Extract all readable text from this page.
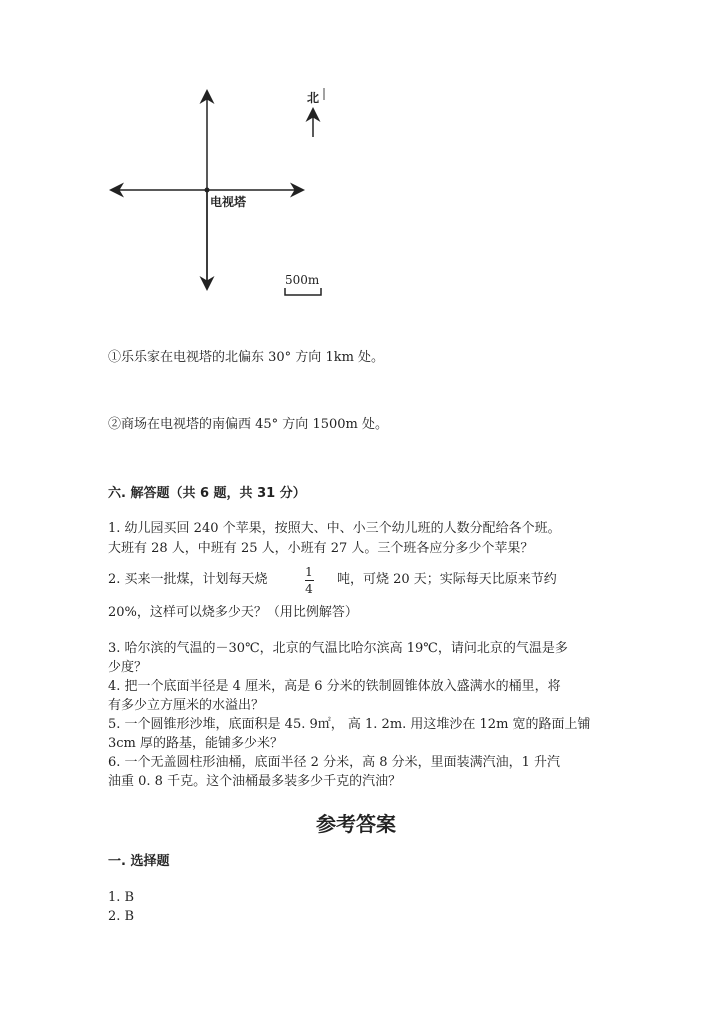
北
电视塔
500m
①乐乐家在电视塔的北偏东 30° 方向 1km 处。
②商场在电视塔的南偏西 45° 方向 1500m 处。
六. 解答题（共 6 题，共 31 分）
1. 幼儿园买回 240 个苹果，按照大、中、小三个幼儿班的人数分配给各个班。
大班有 28 人，中班有 25 人，小班有 27 人。三个班各应分多少个苹果？
2. 买来一批煤，计划每天烧	1
4
吨，可烧 20 天；实际每天比原来节约
20%，这样可以烧多少天？（用比例解答）
3. 哈尔滨的气温的－30℃，北京的气温比哈尔滨高 19℃，请问北京的气温是多
少度？
4. 把一个底面半径是 4 厘米，高是 6 分米的铁制圆锥体放入盛满水的桶里，将
有多少立方厘米的水溢出？
5. 一个圆锥形沙堆，底面积是 45. 9㎡， 高 1. 2m. 用这堆沙在 12m 宽的路面上铺
3cm 厚的路基，能铺多少米？
6. 一个无盖圆柱形油桶，底面半径 2 分米，高 8 分米，里面装满汽油，1 升汽
油重 0. 8 千克。这个油桶最多装多少千克的汽油？
参考答案
一. 选择题
1. B
2. B
